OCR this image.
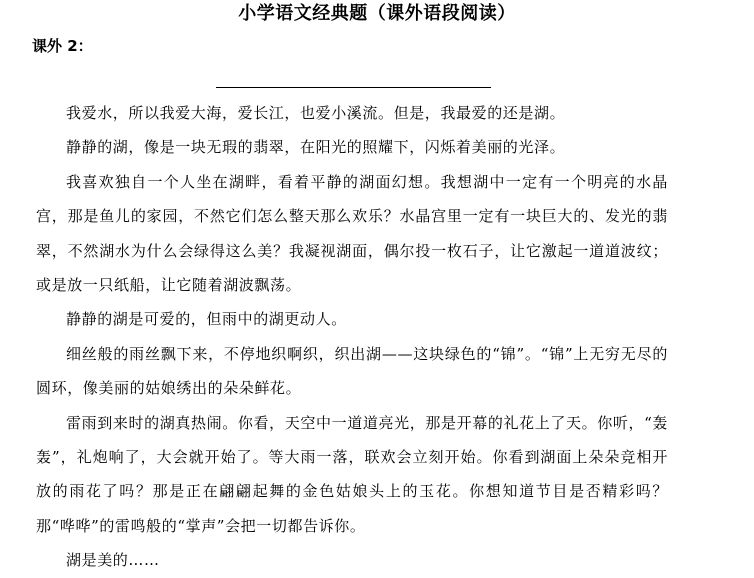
小学语文经典题（课外语段阅读）
课外 2：

我爱水，所以我爱大海，爱长江，也爱小溪流。但是，我最爱的还是湖。

静静的湖，像是一块无瑕的翡翠，在阳光的照耀下，闪烁着美丽的光泽。

我喜欢独自一个人坐在湖畔，看着平静的湖面幻想。我想湖中一定有一个明亮的水晶宫，那是鱼儿的家园，不然它们怎么整天那么欢乐？水晶宫里一定有一块巨大的、发光的翡翠，不然湖水为什么会绿得这么美？我凝视湖面，偶尔投一枚石子，让它激起一道道波纹；或是放一只纸船，让它随着湖波飘荡。

静静的湖是可爱的，但雨中的湖更动人。

细丝般的雨丝飘下来，不停地织啊织，织出湖——这块绿色的“锦”。“锦”上无穷无尽的圆环，像美丽的姑娘绣出的朵朵鲜花。

雷雨到来时的湖真热闹。你看，天空中一道道亮光，那是开幕的礼花上了天。你听，“轰轰”，礼炮响了，大会就开始了。等大雨一落，联欢会立刻开始。你看到湖面上朵朵竞相开放的雨花了吗？那是正在翩翩起舞的金色姑娘头上的玉花。你想知道节目是否精彩吗？那“哗哗”的雷鸣般的“掌声”会把一切都告诉你。

湖是美的……
